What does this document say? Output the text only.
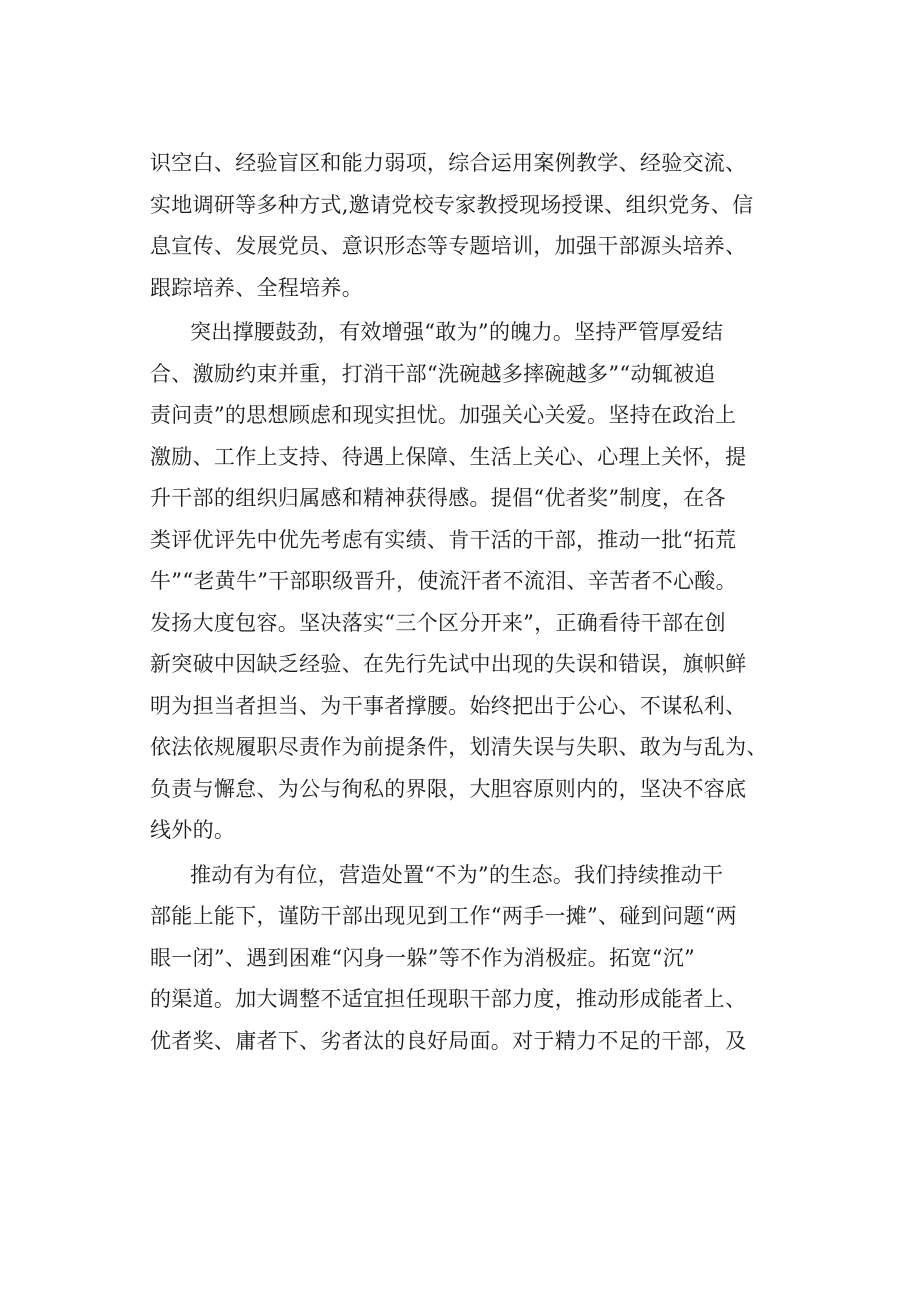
识空白、经验盲区和能力弱项，综合运用案例教学、经验交流、
实地调研等多种方式,邀请党校专家教授现场授课、组织党务、信
息宣传、发展党员、意识形态等专题培训，加强干部源头培养、
跟踪培养、全程培养。
突出撑腰鼓劲，有效增强“敢为”的魄力。坚持严管厚爱结
合、激励约束并重，打消干部“洗碗越多摔碗越多”“动辄被追
责问责”的思想顾虑和现实担忧。加强关心关爱。坚持在政治上
激励、工作上支持、待遇上保障、生活上关心、心理上关怀，提
升干部的组织归属感和精神获得感。提倡“优者奖”制度，在各
类评优评先中优先考虑有实绩、肯干活的干部，推动一批“拓荒
牛”“老黄牛”干部职级晋升，使流汗者不流泪、辛苦者不心酸。
发扬大度包容。坚决落实“三个区分开来”，正确看待干部在创
新突破中因缺乏经验、在先行先试中出现的失误和错误，旗帜鲜
明为担当者担当、为干事者撑腰。始终把出于公心、不谋私利、
依法依规履职尽责作为前提条件，划清失误与失职、敢为与乱为、
负责与懈怠、为公与徇私的界限，大胆容原则内的，坚决不容底
线外的。
推动有为有位，营造处置“不为”的生态。我们持续推动干
部能上能下，谨防干部出现见到工作“两手一摊”、碰到问题“两
眼一闭”、遇到困难“闪身一躲”等不作为消极症。拓宽“沉”
的渠道。加大调整不适宜担任现职干部力度，推动形成能者上、
优者奖、庸者下、劣者汰的良好局面。对于精力不足的干部，及
